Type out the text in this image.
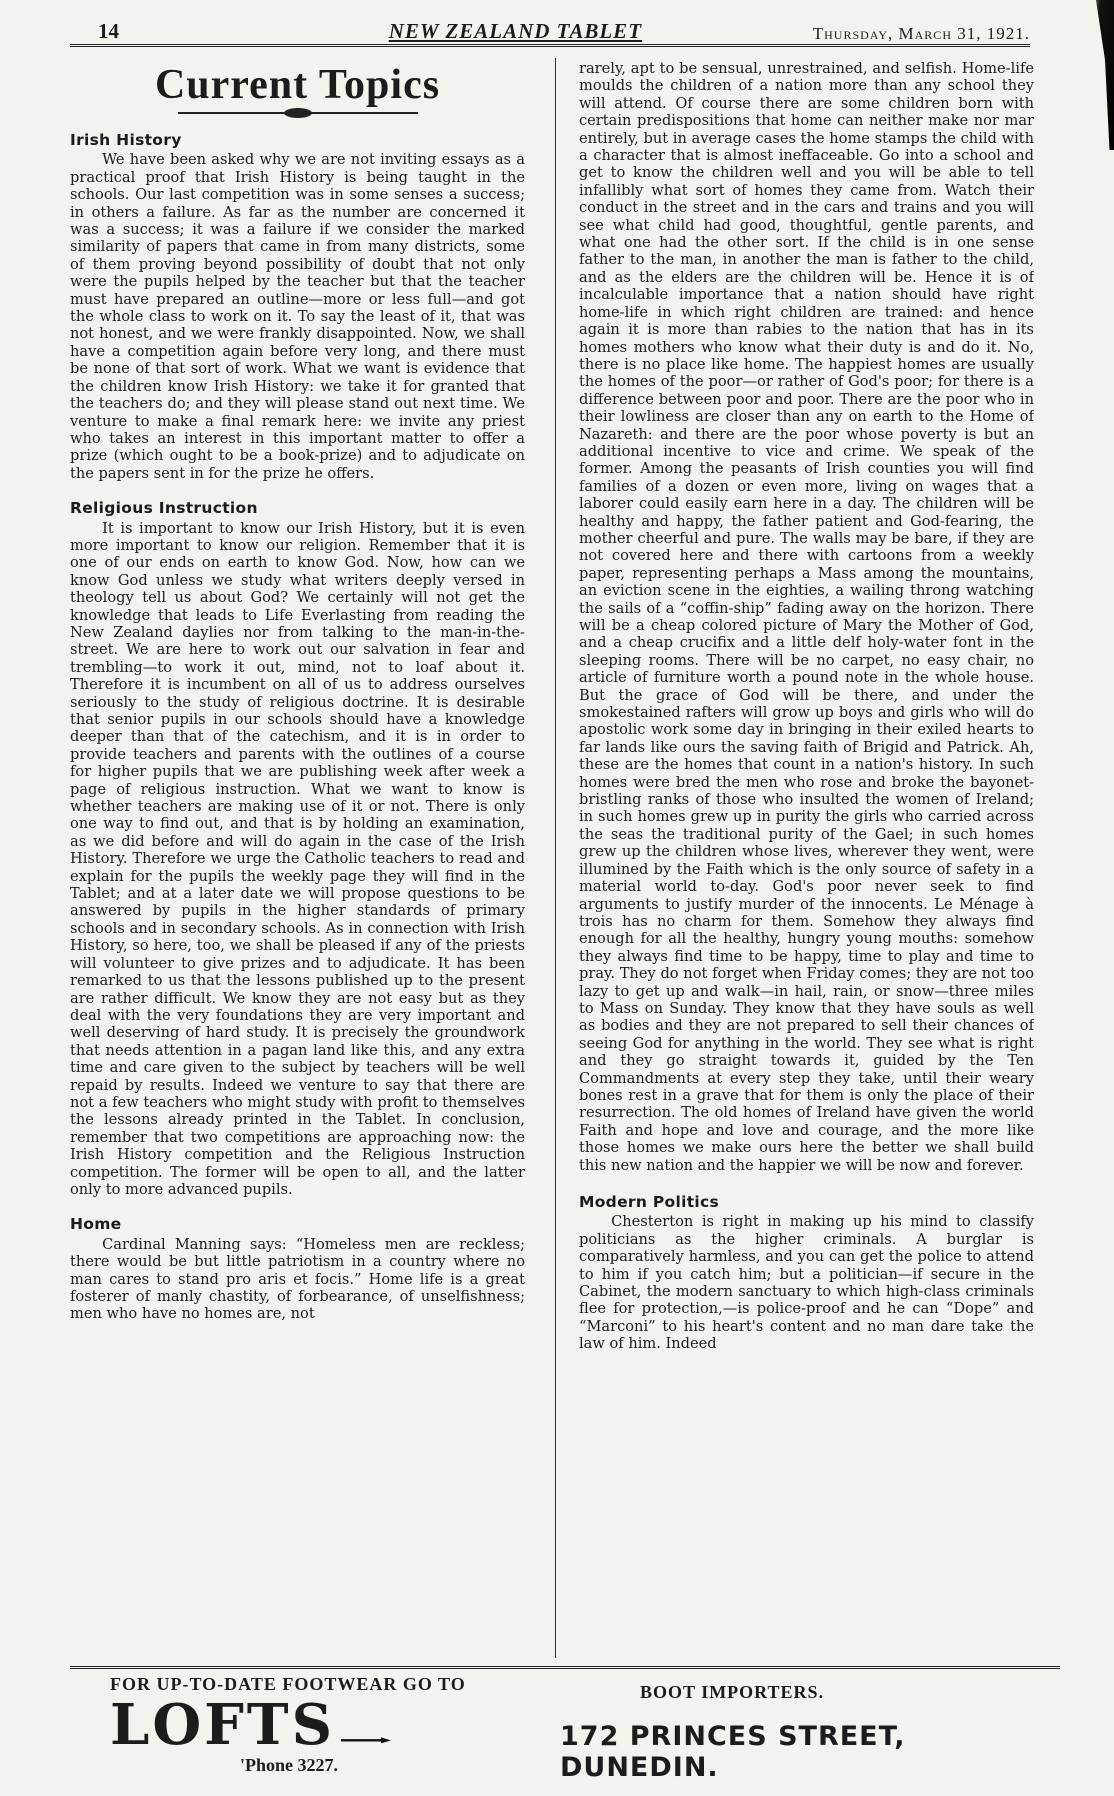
14	NEW ZEALAND TABLET	Thursday, March 31, 1921.
Current Topics
Irish History

We have been asked why we are not inviting essays as a practical proof that Irish History is being taught in the schools. Our last competition was in some senses a success; in others a failure. As far as the number are concerned it was a success; it was a failure if we consider the marked similarity of papers that came in from many districts, some of them proving beyond possibility of doubt that not only were the pupils helped by the teacher but that the teacher must have prepared an outline—more or less full—and got the whole class to work on it. To say the least of it, that was not honest, and we were frankly disappointed. Now, we shall have a competition again before very long, and there must be none of that sort of work. What we want is evidence that the children know Irish History: we take it for granted that the teachers do; and they will please stand out next time. We venture to make a final remark here: we invite any priest who takes an interest in this important matter to offer a prize (which ought to be a book-prize) and to adjudicate on the papers sent in for the prize he offers.

Religious Instruction

It is important to know our Irish History, but it is even more important to know our religion. Remember that it is one of our ends on earth to know God. Now, how can we know God unless we study what writers deeply versed in theology tell us about God? We certainly will not get the knowledge that leads to Life Everlasting from reading the New Zealand daylies nor from talking to the man-in-the-street. We are here to work out our salvation in fear and trembling—to work it out, mind, not to loaf about it. Therefore it is incumbent on all of us to address ourselves seriously to the study of religious doctrine. It is desirable that senior pupils in our schools should have a knowledge deeper than that of the catechism, and it is in order to provide teachers and parents with the outlines of a course for higher pupils that we are publishing week after week a page of religious instruction. What we want to know is whether teachers are making use of it or not. There is only one way to find out, and that is by holding an examination, as we did before and will do again in the case of the Irish History. Therefore we urge the Catholic teachers to read and explain for the pupils the weekly page they will find in the Tablet; and at a later date we will propose questions to be answered by pupils in the higher standards of primary schools and in secondary schools. As in connection with Irish History, so here, too, we shall be pleased if any of the priests will volunteer to give prizes and to adjudicate. It has been remarked to us that the lessons published up to the present are rather difficult. We know they are not easy but as they deal with the very foundations they are very important and well deserving of hard study. It is precisely the groundwork that needs attention in a pagan land like this, and any extra time and care given to the subject by teachers will be well repaid by results. Indeed we venture to say that there are not a few teachers who might study with profit to themselves the lessons already printed in the Tablet. In conclusion, remember that two competitions are approaching now: the Irish History competition and the Religious Instruction competition. The former will be open to all, and the latter only to more advanced pupils.

Home

Cardinal Manning says: “Homeless men are reckless; there would be but little patriotism in a country where no man cares to stand pro aris et focis.” Home life is a great fosterer of manly chastity, of forbearance, of unselfishness; men who have no homes are, not

rarely, apt to be sensual, unrestrained, and selfish. Home-life moulds the children of a nation more than any school they will attend. Of course there are some children born with certain predispositions that home can neither make nor mar entirely, but in average cases the home stamps the child with a character that is almost ineffaceable. Go into a school and get to know the children well and you will be able to tell infallibly what sort of homes they came from. Watch their conduct in the street and in the cars and trains and you will see what child had good, thoughtful, gentle parents, and what one had the other sort. If the child is in one sense father to the man, in another the man is father to the child, and as the elders are the children will be. Hence it is of incalculable importance that a nation should have right home-life in which right children are trained: and hence again it is more than rabies to the nation that has in its homes mothers who know what their duty is and do it. No, there is no place like home. The happiest homes are usually the homes of the poor—or rather of God's poor; for there is a difference between poor and poor. There are the poor who in their lowliness are closer than any on earth to the Home of Nazareth: and there are the poor whose poverty is but an additional incentive to vice and crime. We speak of the former. Among the peasants of Irish counties you will find families of a dozen or even more, living on wages that a laborer could easily earn here in a day. The children will be healthy and happy, the father patient and God-fearing, the mother cheerful and pure. The walls may be bare, if they are not covered here and there with cartoons from a weekly paper, representing perhaps a Mass among the mountains, an eviction scene in the eighties, a wailing throng watching the sails of a “coffin-ship” fading away on the horizon. There will be a cheap colored picture of Mary the Mother of God, and a cheap crucifix and a little delf holy-water font in the sleeping rooms. There will be no carpet, no easy chair, no article of furniture worth a pound note in the whole house. But the grace of God will be there, and under the smokestained rafters will grow up boys and girls who will do apostolic work some day in bringing in their exiled hearts to far lands like ours the saving faith of Brigid and Patrick. Ah, these are the homes that count in a nation's history. In such homes were bred the men who rose and broke the bayonet-bristling ranks of those who insulted the women of Ireland; in such homes grew up in purity the girls who carried across the seas the traditional purity of the Gael; in such homes grew up the children whose lives, wherever they went, were illumined by the Faith which is the only source of safety in a material world to-day. God's poor never seek to find arguments to justify murder of the innocents. Le Ménage à trois has no charm for them. Somehow they always find enough for all the healthy, hungry young mouths: somehow they always find time to be happy, time to play and time to pray. They do not forget when Friday comes; they are not too lazy to get up and walk—in hail, rain, or snow—three miles to Mass on Sunday. They know that they have souls as well as bodies and they are not prepared to sell their chances of seeing God for anything in the world. They see what is right and they go straight towards it, guided by the Ten Commandments at every step they take, until their weary bones rest in a grave that for them is only the place of their resurrection. The old homes of Ireland have given the world Faith and hope and love and courage, and the more like those homes we make ours here the better we shall build this new nation and the happier we will be now and forever.

Modern Politics

Chesterton is right in making up his mind to classify politicians as the higher criminals. A burglar is comparatively harmless, and you can get the police to attend to him if you catch him; but a politician—if secure in the Cabinet, the modern sanctuary to which high-class criminals flee for protection,—is police-proof and he can “Dope” and “Marconi” to his heart's content and no man dare take the law of him. Indeed

FOR UP-TO-DATE FOOTWEAR GO TO
LOFTS
'Phone 3227.
BOOT IMPORTERS.
172 PRINCES STREET, DUNEDIN.
